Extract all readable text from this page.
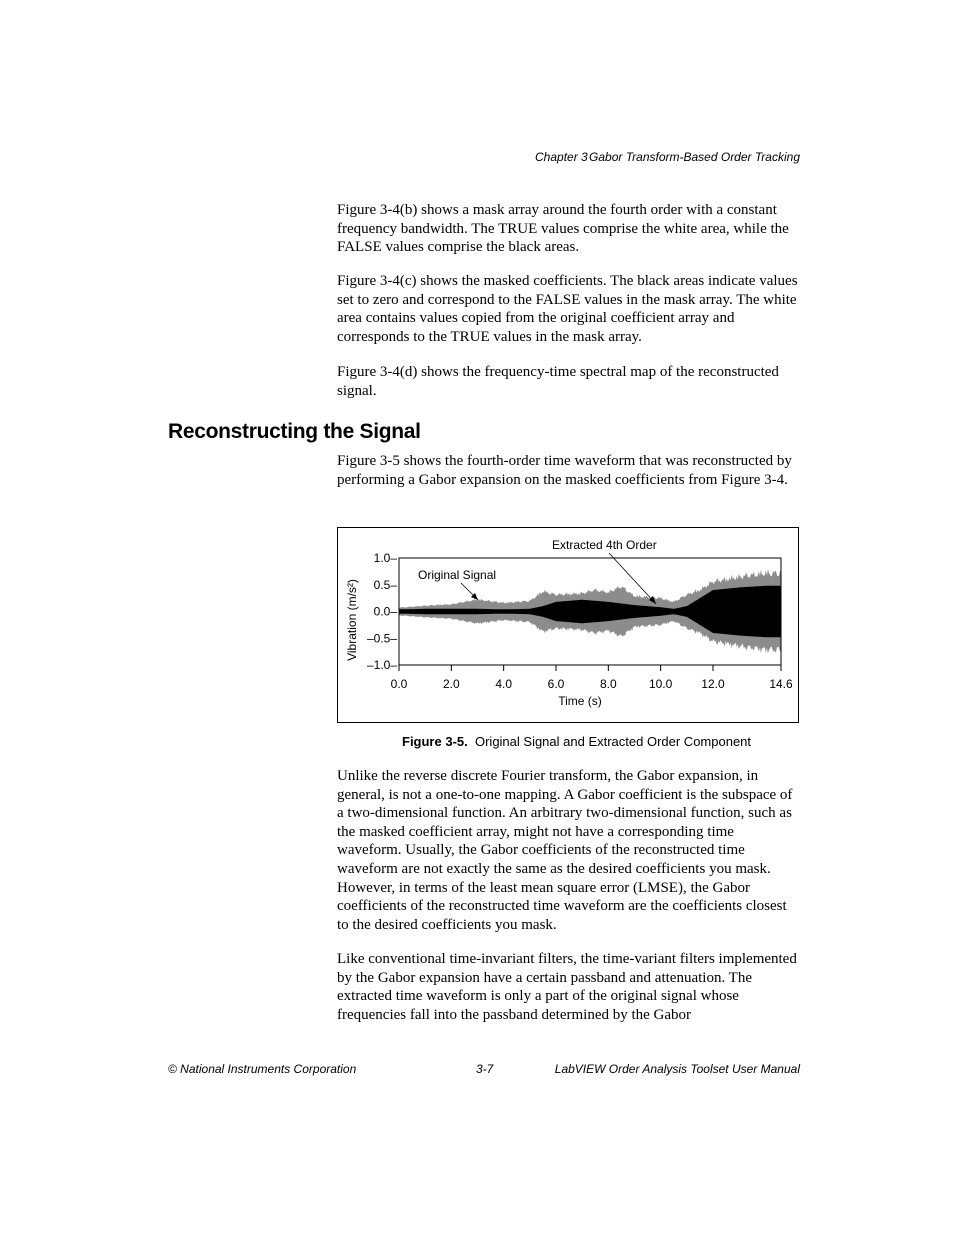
Chapter 3 Gabor Transform-Based Order Tracking

Figure 3-4(b) shows a mask array around the fourth order with a constant frequency bandwidth. The TRUE values comprise the white area, while the FALSE values comprise the black areas.

Figure 3-4(c) shows the masked coefficients. The black areas indicate values set to zero and correspond to the FALSE values in the mask array. The white area contains values copied from the original coefficient array and corresponds to the TRUE values in the mask array.

Figure 3-4(d) shows the frequency-time spectral map of the reconstructed signal.

Reconstructing the Signal

Figure 3-5 shows the fourth-order time waveform that was reconstructed by performing a Gabor expansion on the masked coefficients from Figure 3-4.

0.0	2.0	4.0	6.0	8.0	10.0 12.0	14.6
1.0–
0.5–
0.0–
–0.5–
–1.0–
Time (s)
Vibration (m/s²)
Original Signal
Extracted 4th Order
Figure 3-5. Original Signal and Extracted Order Component

Unlike the reverse discrete Fourier transform, the Gabor expansion, in general, is not a one-to-one mapping. A Gabor coefficient is the subspace of a two-dimensional function. An arbitrary two-dimensional function, such as the masked coefficient array, might not have a corresponding time waveform. Usually, the Gabor coefficients of the reconstructed time waveform are not exactly the same as the desired coefficients you mask. However, in terms of the least mean square error (LMSE), the Gabor coefficients of the reconstructed time waveform are the coefficients closest to the desired coefficients you mask.

Like conventional time-invariant filters, the time-variant filters implemented by the Gabor expansion have a certain passband and attenuation. The extracted time waveform is only a part of the original signal whose frequencies fall into the passband determined by the Gabor

© National Instruments Corporation	3-7	LabVIEW Order Analysis Toolset User Manual
